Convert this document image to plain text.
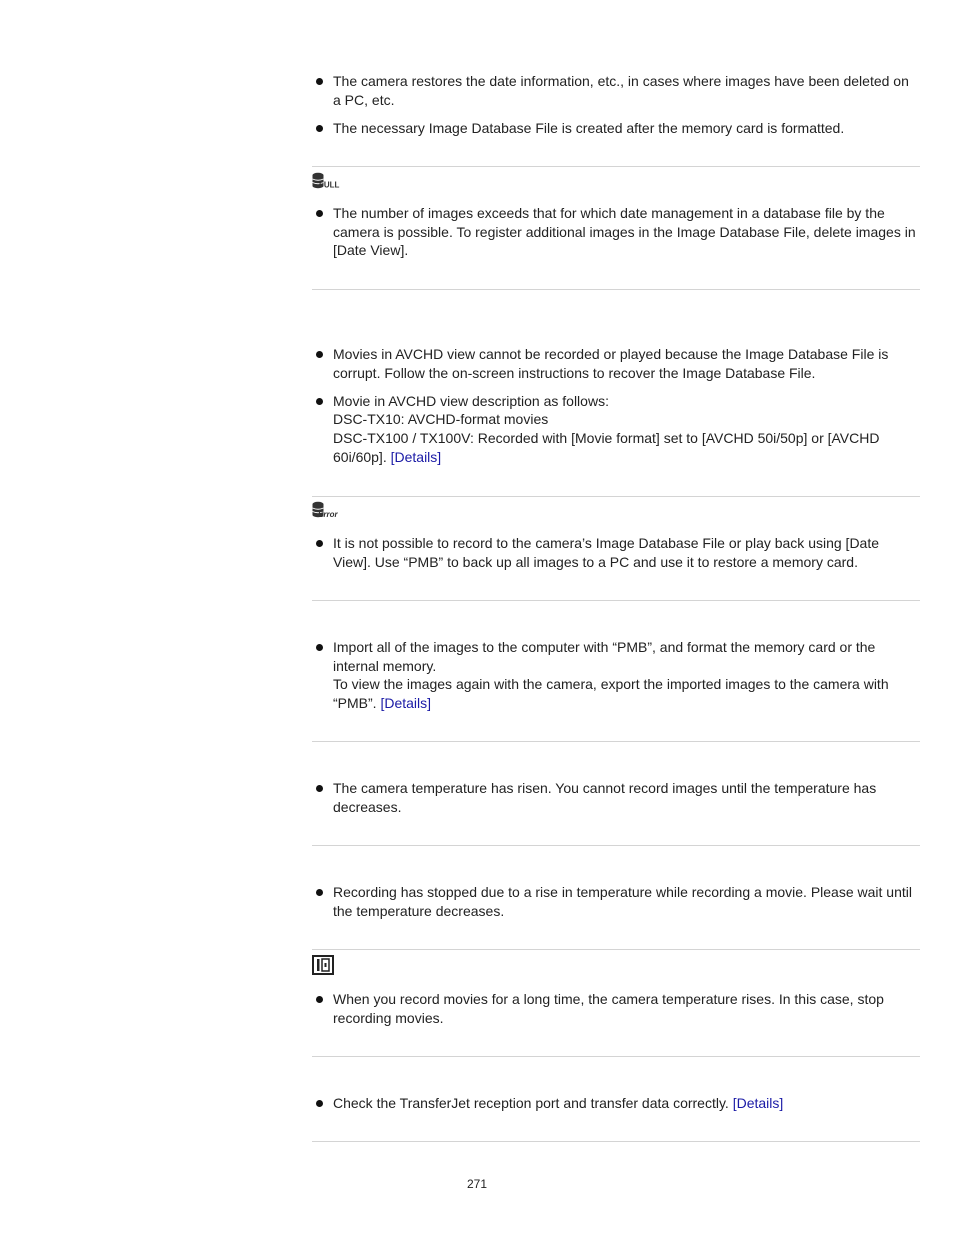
The camera restores the date information, etc., in cases where images have been deleted on a PC, etc.
The necessary Image Database File is created after the memory card is formatted.
FULL
The number of images exceeds that for which date management in a database file by the camera is possible. To register additional images in the Image Database File, delete images in [Date View].
Movies in AVCHD view cannot be recorded or played because the Image Database File is corrupt. Follow the on-screen instructions to recover the Image Database File.
Movie in AVCHD view description as follows:
DSC-TX10: AVCHD-format movies
DSC-TX100 / TX100V: Recorded with [Movie format] set to [AVCHD 50i/50p] or [AVCHD 60i/60p]. [Details]
Error
It is not possible to record to the camera’s Image Database File or play back using [Date View]. Use “PMB” to back up all images to a PC and use it to restore a memory card.
Import all of the images to the computer with “PMB”, and format the memory card or the internal memory.
To view the images again with the camera, export the imported images to the camera with “PMB”. [Details]
The camera temperature has risen. You cannot record images until the temperature has decreases.
Recording has stopped due to a rise in temperature while recording a movie. Please wait until the temperature decreases.
When you record movies for a long time, the camera temperature rises. In this case, stop recording movies.
Check the TransferJet reception port and transfer data correctly. [Details]
271
